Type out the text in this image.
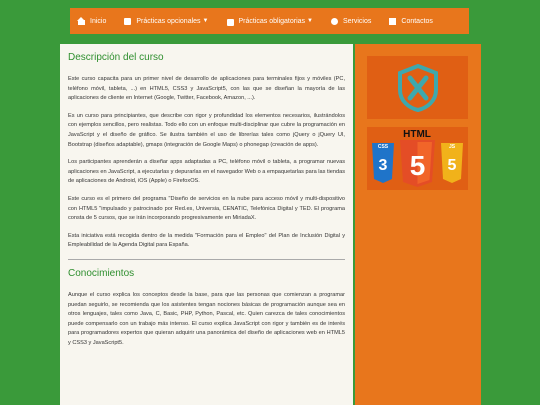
Inicio	Prácticas opcionales ▼	Prácticas obligatorias ▼	Servicios	Contactos
Descripción del curso

Este curso capacita para un primer nivel de desarrollo de aplicaciones para terminales fijos y móviles (PC, teléfono móvil, tableta, ...) en HTML5, CSS3 y JavaScript5, con las que se diseñan la mayoría de las aplicaciones de cliente en Internet (Google, Twitter, Facebook, Amazon, ...).

Es un curso para principiantes, que describe con rigor y profundidad los elementos necesarios, ilustrándolos con ejemplos sencillos, pero realistas. Todo ello con un enfoque multi-disciplinar que cubre la programación en JavaScript y el diseño de gráfico. Se ilustra también el uso de librerías tales como jQuery o jQuery UI, Bootstrap (diseños adaptable), gmaps (integración de Google Maps) o phonegap (creación de apps).

Los participantes aprenderán a diseñar apps adaptadas a PC, teléfono móvil o tableta, a programar nuevas aplicaciones en JavaScript, a ejecutarlas y depurarlas en el navegador Web o a empaquetarlas para las tiendas de aplicaciones de Android, iOS (Apple) o FirefoxOS.

Este curso es el primero del programa "Diseño de servicios en la nube para acceso móvil y multi-dispositivo con HTML5 "impulsado y patrocinado por Red.es, Universia, CENATIC, Telefónica Digital y TED. El programa consta de 5 cursos, que se irán incorporando progresivamente en MiriadaX.

Esta iniciativa está recogida dentro de la medida "Formación para el Empleo" del Plan de Inclusión Digital y Empleabilidad de la Agenda Digital para España.

Conocimientos

Aunque el curso explica los conceptos desde la base, para que las personas que comienzan a programar puedan seguirlo, se recomienda que los asistentes tengan nociones básicas de programación aunque sea en otros lenguajes, tales como Java, C, Basic, PHP, Python, Pascal, etc. Quien carezca de tales conocimientos puede compensarlo con un trabajo más intenso. El curso explica JavaScript con rigor y también es de interés para programadores expertos que quieran adquirir una panorámica del diseño de aplicaciones web en HTML5 y CSS3 y JavaScript5.

HTML
CSS
3
JS
5
5
